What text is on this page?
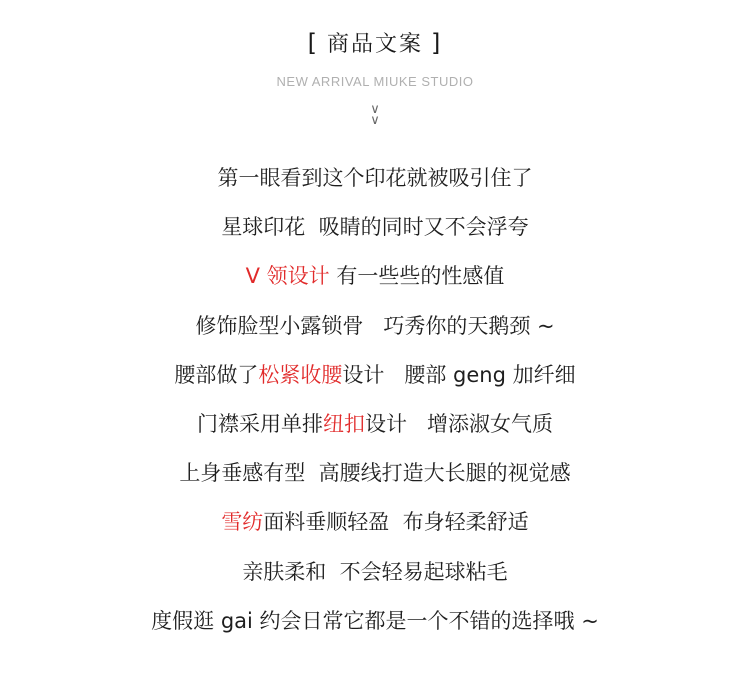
[ 商品文案 ]
NEW ARRIVAL MIUKE STUDIO
∨
∨
第一眼看到这个印花就被吸引住了
星球印花  吸睛的同时又不会浮夸
V 领设计 有一些些的性感值
修饰脸型小露锁骨   巧秀你的天鹅颈 ~
腰部做了松紧收腰设计   腰部 geng 加纤细
门襟采用单排纽扣设计   增添淑女气质
上身垂感有型  高腰线打造大长腿的视觉感
雪纺面料垂顺轻盈  布身轻柔舒适
亲肤柔和  不会轻易起球粘毛
度假逛 gai 约会日常它都是一个不错的选择哦 ~
